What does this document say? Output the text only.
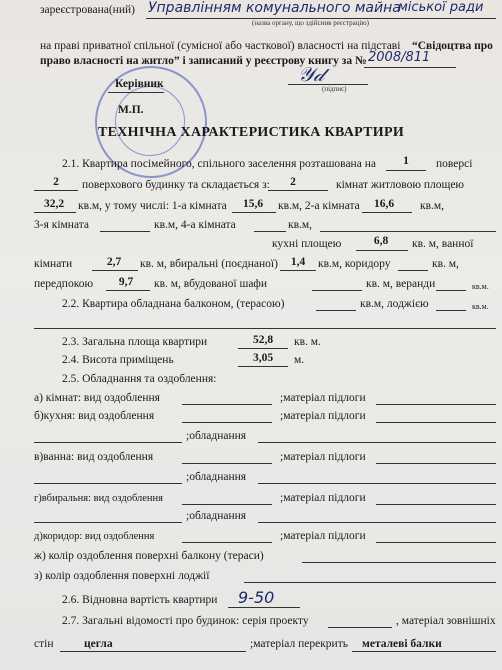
зареєстрована(ний) Управлінням комунального майна
міської ради
(назва органу, що здійснив реєстрацію)
на праві приватної спільної (сумісної або часткової) власності на підставі “Свідоцтва про
право власності на житло” і записаний у реєстрову книгу за № 2008/811
Керівник	𝒴𝒹
(підпис)
М.П.
ТЕХНІЧНА ХАРАКТЕРИСТИКА КВАРТИРИ
2.1. Квартира посімейного, спільного заселення розташована на	1	поверсі
2	поверхового будинку та складається з:	2	кімнат житловою площею
32,2	кв.м, у тому числі: 1-а кімната	15,6	кв.м, 2-а кімната	16,6	кв.м,
3-я кімната	кв.м, 4-а кімната	кв.м,
кухні площею	6,8	кв. м, ванної
кімнати	2,7	кв. м, вбиральні (поєднаної)	1,4	кв.м, коридору	кв. м,
передпокою	9,7	кв. м, вбудованої шафи	кв. м, веранди	кв.м.
2.2. Квартира обладнана балконом, (терасою)	кв.м, лоджією	кв.м.
2.3. Загальна площа квартири	52,8	кв. м.
2.4. Висота приміщень	3,05	м.
2.5. Обладнання та оздоблення:
а) кімнат: вид оздоблення	;матеріал підлоги
б)кухня: вид оздоблення	;матеріал підлоги
;обладнання
в)ванна: вид оздоблення	;матеріал підлоги
;обладнання
г)вбиральня: вид оздоблення	;матеріал підлоги
;обладнання
д)коридор: вид оздоблення	;матеріал підлоги
ж) колір оздоблення поверхні балкону (тераси)
з) колір оздоблення поверхні лоджії
2.6. Відновна вартість квартири 9-50
2.7. Загальні відомості про будинок: серія проекту	, матеріал зовнішніх
стін	цегла	;матеріал перекрить металеві балки
